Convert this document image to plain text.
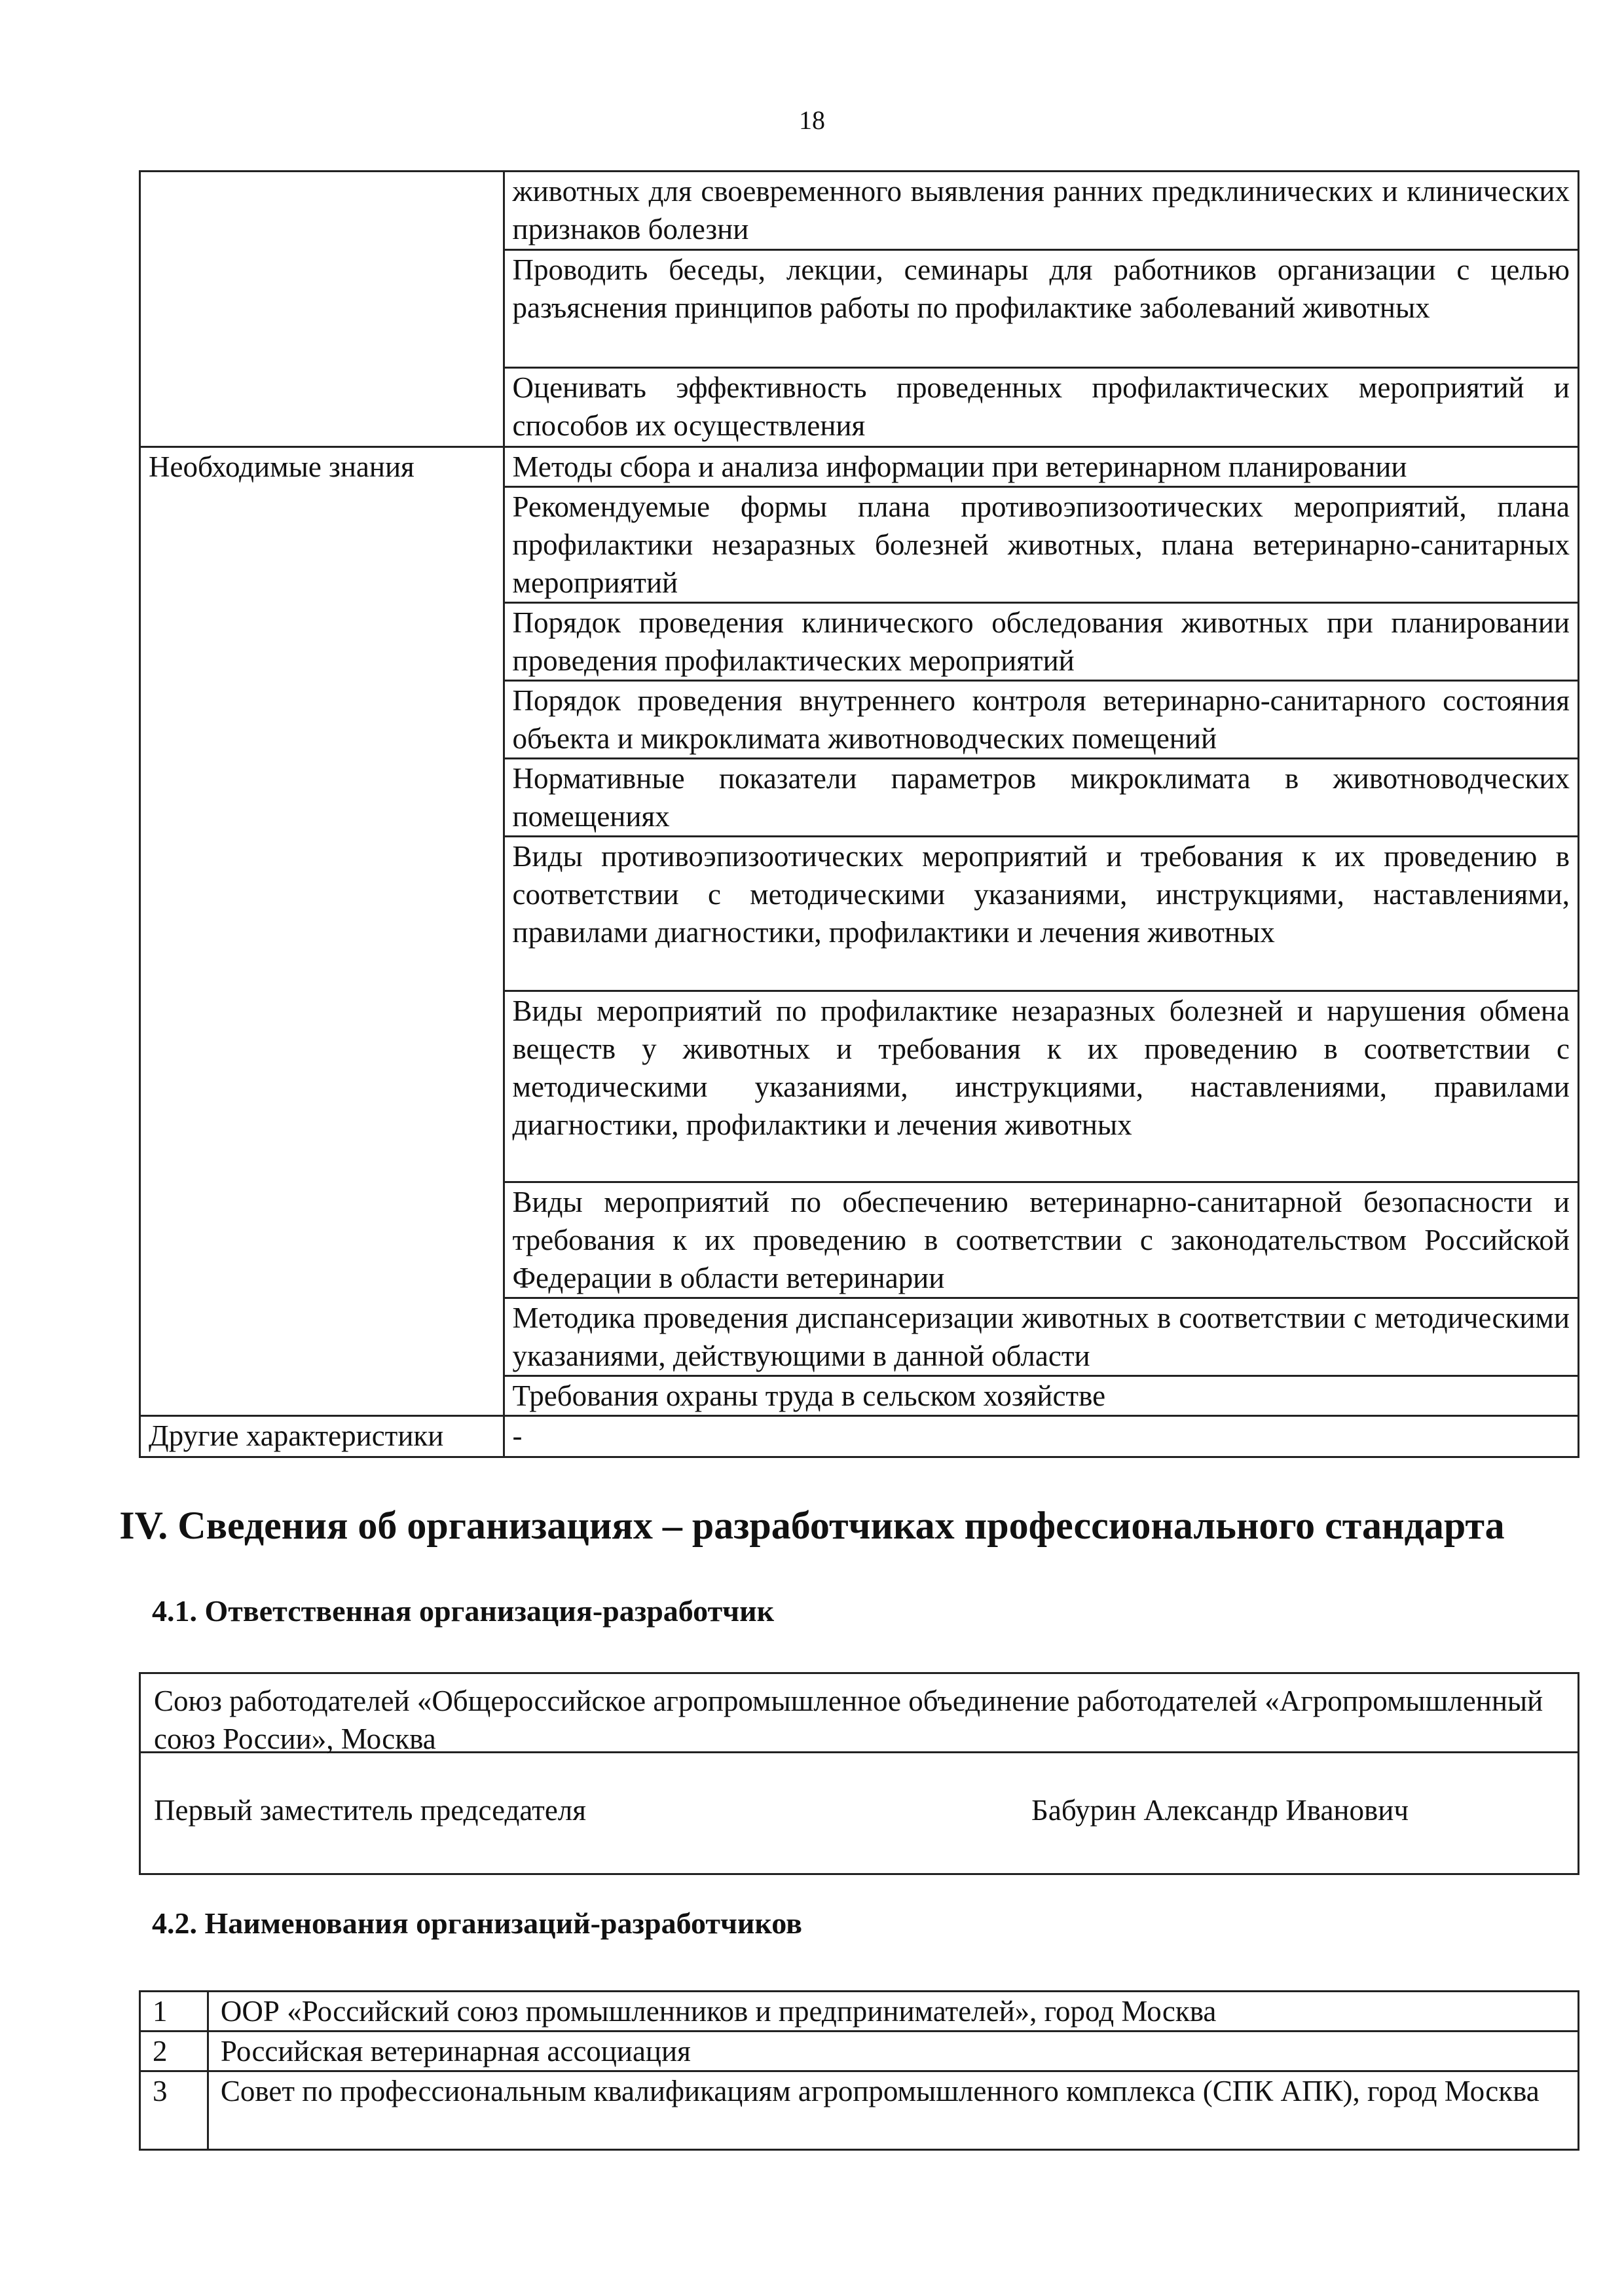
18
	животных для своевременного выявления ранних предклинических и клинических признаков болезни
	Проводить беседы, лекции, семинары для работников организации с целью разъяснения принципов работы по профилактике заболеваний животных
	Оценивать эффективность проведенных профилактических мероприятий и способов их осуществления
Необходимые знания	Методы сбора и анализа информации при ветеринарном планировании
	Рекомендуемые формы плана противоэпизоотических мероприятий, плана профилактики незаразных болезней животных, плана ветеринарно-санитарных мероприятий
	Порядок проведения клинического обследования животных при планировании проведения профилактических мероприятий
	Порядок проведения внутреннего контроля ветеринарно-санитарного состояния объекта и микроклимата животноводческих помещений
	Нормативные показатели параметров микроклимата в животноводческих помещениях
	Виды противоэпизоотических мероприятий и требования к их проведению в соответствии с методическими указаниями, инструкциями, наставлениями, правилами диагностики, профилактики и лечения животных
	Виды мероприятий по профилактике незаразных болезней и нарушения обмена веществ у животных и требования к их проведению в соответствии с методическими указаниями, инструкциями, наставлениями, правилами диагностики, профилактики и лечения животных
	Виды мероприятий по обеспечению ветеринарно-санитарной безопасности и требования к их проведению в соответствии с законодательством Российской Федерации в области ветеринарии
	Методика проведения диспансеризации животных в соответствии с методическими указаниями, действующими в данной области
	Требования охраны труда в сельском хозяйстве
Другие характеристики	-
IV. Сведения об организациях – разработчиках профессионального стандарта
4.1. Ответственная организация-разработчик
Союз работодателей «Общероссийское агропромышленное объединение работодателей «Агропромышленный союз России», Москва
Первый заместитель председателя	Бабурин Александр Иванович
4.2. Наименования организаций-разработчиков
1	ООР «Российский союз промышленников и предпринимателей», город Москва
2	Российская ветеринарная ассоциация
3	Совет по профессиональным квалификациям агропромышленного комплекса (СПК АПК), город Москва
